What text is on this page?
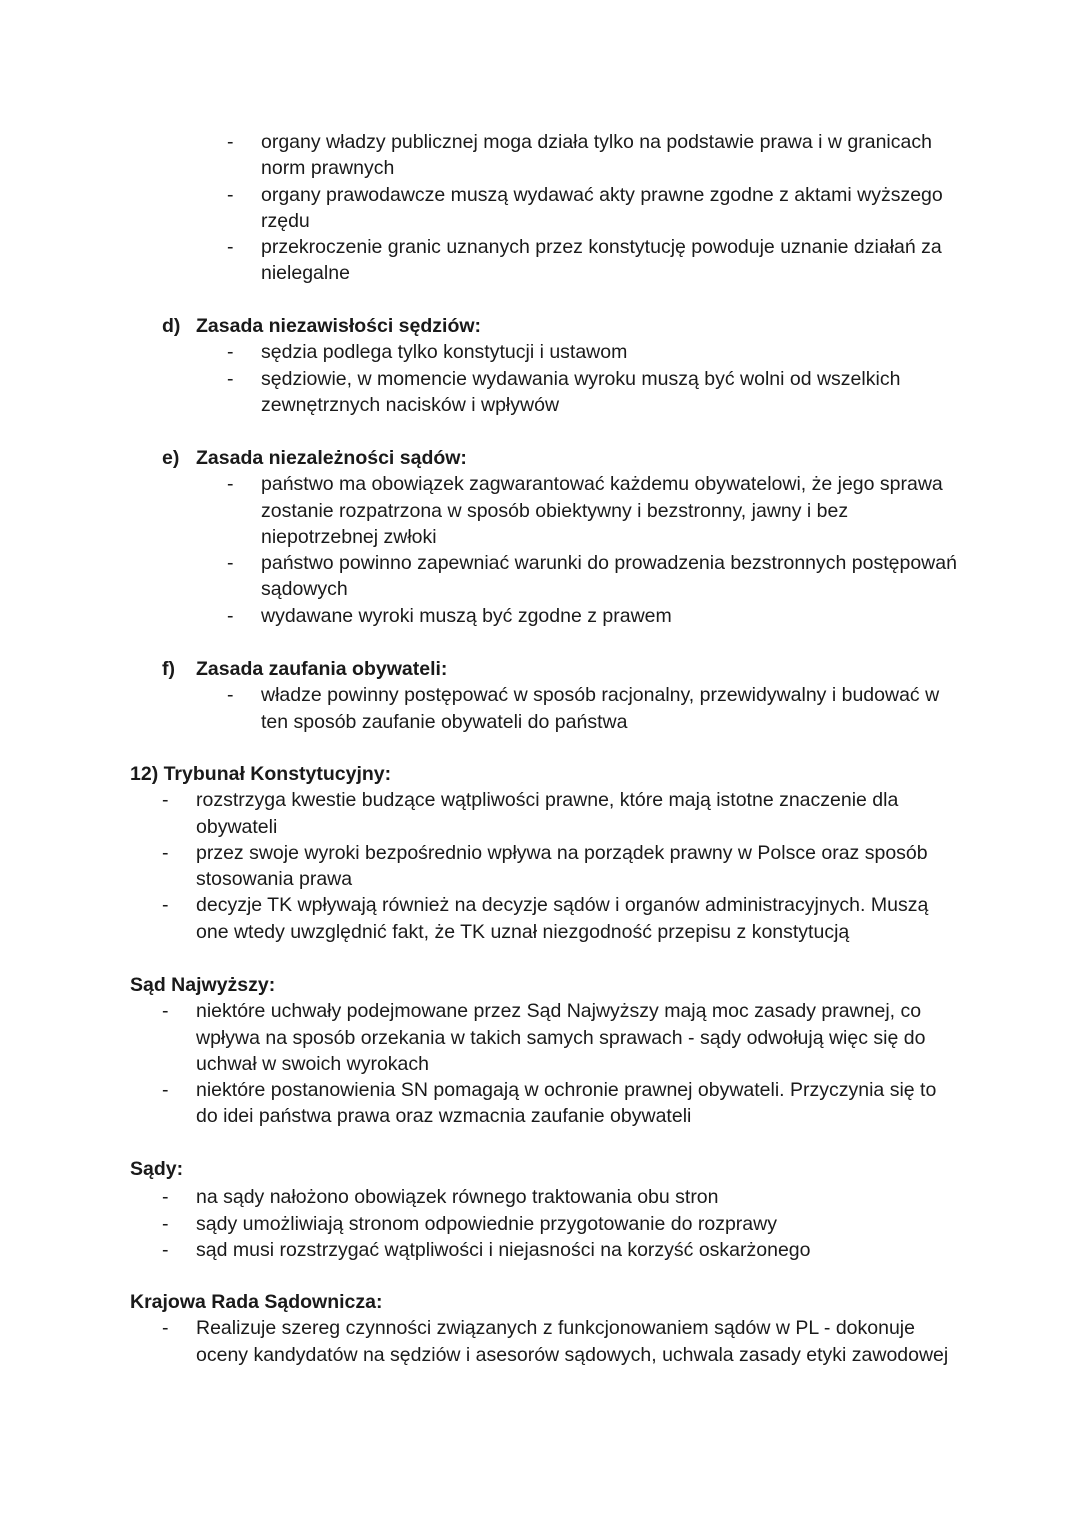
- organy władzy publicznej moga działa tylko na podstawie prawa i w granicach norm prawnych
- organy prawodawcze muszą wydawać akty prawne zgodne z aktami wyższego rzędu
- przekroczenie granic uznanych przez konstytucję powoduje uznanie działań za nielegalne
d) Zasada niezawisłości sędziów:
- sędzia podlega tylko konstytucji i ustawom
- sędziowie, w momencie wydawania wyroku muszą być wolni od wszelkich zewnętrznych nacisków i wpływów
e) Zasada niezależności sądów:
- państwo ma obowiązek zagwarantować każdemu obywatelowi, że jego sprawa zostanie rozpatrzona w sposób obiektywny i bezstronny, jawny i bez niepotrzebnej zwłoki
- państwo powinno zapewniać warunki do prowadzenia bezstronnych postępowań sądowych
- wydawane wyroki muszą być zgodne z prawem
f) Zasada zaufania obywateli:
- władze powinny postępować w sposób racjonalny, przewidywalny i budować w ten sposób zaufanie obywateli do państwa
12) Trybunał Konstytucyjny:
- rozstrzyga kwestie budzące wątpliwości prawne, które mają istotne znaczenie dla obywateli
- przez swoje wyroki bezpośrednio wpływa na porządek prawny w Polsce oraz sposób stosowania prawa
- decyzje TK wpływają również na decyzje sądów i organów administracyjnych. Muszą one wtedy uwzględnić fakt, że TK uznał niezgodność przepisu z konstytucją
Sąd Najwyższy:
- niektóre uchwały podejmowane przez Sąd Najwyższy mają moc zasady prawnej, co wpływa na sposób orzekania w takich samych sprawach - sądy odwołują więc się do uchwał w swoich wyrokach
- niektóre postanowienia SN pomagają w ochronie prawnej obywateli. Przyczynia się to do idei państwa prawa oraz wzmacnia zaufanie obywateli
Sądy:
- na sądy nałożono obowiązek równego traktowania obu stron
- sądy umożliwiają stronom odpowiednie przygotowanie do rozprawy
- sąd musi rozstrzygać wątpliwości i niejasności na korzyść oskarżonego
Krajowa Rada Sądownicza:
- Realizuje szereg czynności związanych z funkcjonowaniem sądów w PL - dokonuje oceny kandydatów na sędziów i asesorów sądowych, uchwala zasady etyki zawodowej
